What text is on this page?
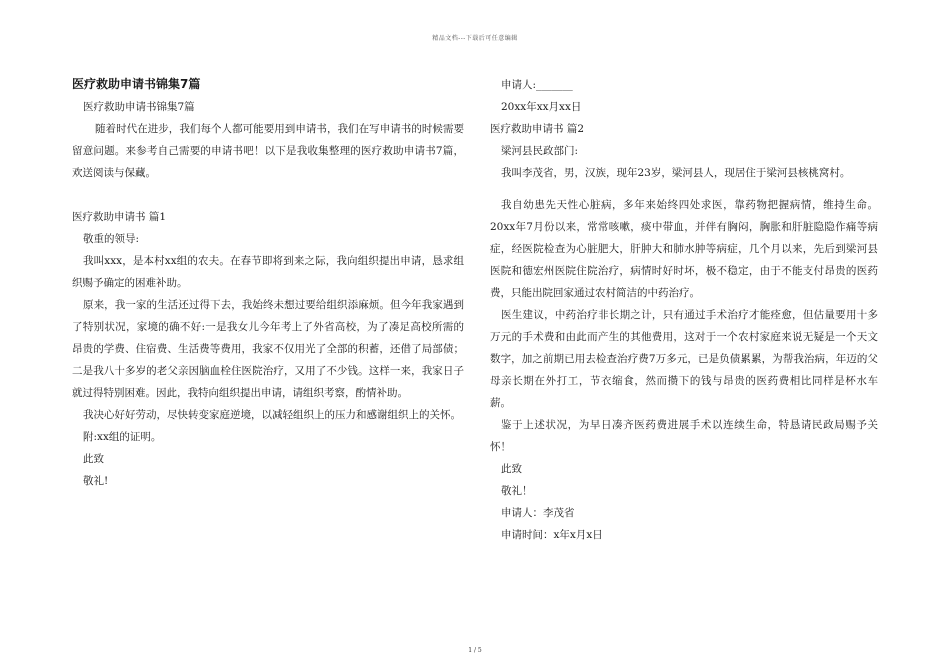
精品文档---下载后可任意编辑
医疗救助申请书锦集7篇

医疗救助申请书锦集7篇

随着时代在进步，我们每个人都可能要用到申请书，我们在写申请书的时候需要留意问题。来参考自己需要的申请书吧！以下是我收集整理的医疗救助申请书7篇，欢送阅读与保藏。

医疗救助申请书 篇1

敬重的领导:

我叫xxx，是本村xx组的农夫。在春节即将到来之际，我向组织提出申请，恳求组织赐予确定的困难补助。

原来，我一家的生活还过得下去，我始终未想过要给组织添麻烦。但今年我家遇到了特别状况，家境的确不好:一是我女儿今年考上了外省高校，为了凑足高校所需的昂贵的学费、住宿费、生活费等费用，我家不仅用光了全部的积蓄，还借了局部债；二是我八十多岁的老父亲因脑血栓住医院治疗，又用了不少钱。这样一来，我家日子就过得特别困难。因此，我特向组织提出申请，请组织考察，酌情补助。

我决心好好劳动，尽快转变家庭逆境，以减轻组织上的压力和感谢组织上的关怀。

附:xx组的证明。

此致

敬礼!

申请人:_______

20xx年xx月xx日

医疗救助申请书 篇2

梁河县民政部门:

我叫李茂省，男，汉族，现年23岁，梁河县人，现居住于梁河县核桃窝村。

我自幼患先天性心脏病，多年来始终四处求医，靠药物把握病情，维持生命。20xx年7月份以来，常常咳嗽，痰中带血，并伴有胸闷，胸胀和肝脏隐隐作痛等病症，经医院检查为心脏肥大，肝肿大和肺水肿等病症，几个月以来，先后到梁河县医院和德宏州医院住院治疗，病情时好时坏，极不稳定，由于不能支付昂贵的医药费，只能出院回家通过农村简洁的中药治疗。

医生建议，中药治疗非长期之计，只有通过手术治疗才能痊愈，但估量要用十多万元的手术费和由此而产生的其他费用，这对于一个农村家庭来说无疑是一个天文数字，加之前期已用去检查治疗费7万多元，已是负债累累，为帮我治病，年迈的父母亲长期在外打工，节衣缩食，然而攒下的钱与昂贵的医药费相比同样是杯水车薪。

鉴于上述状况，为早日凑齐医药费进展手术以连续生命，特恳请民政局赐予关怀！

此致

敬礼！

申请人：李茂省

申请时间：x年x月x日

1 / 5
